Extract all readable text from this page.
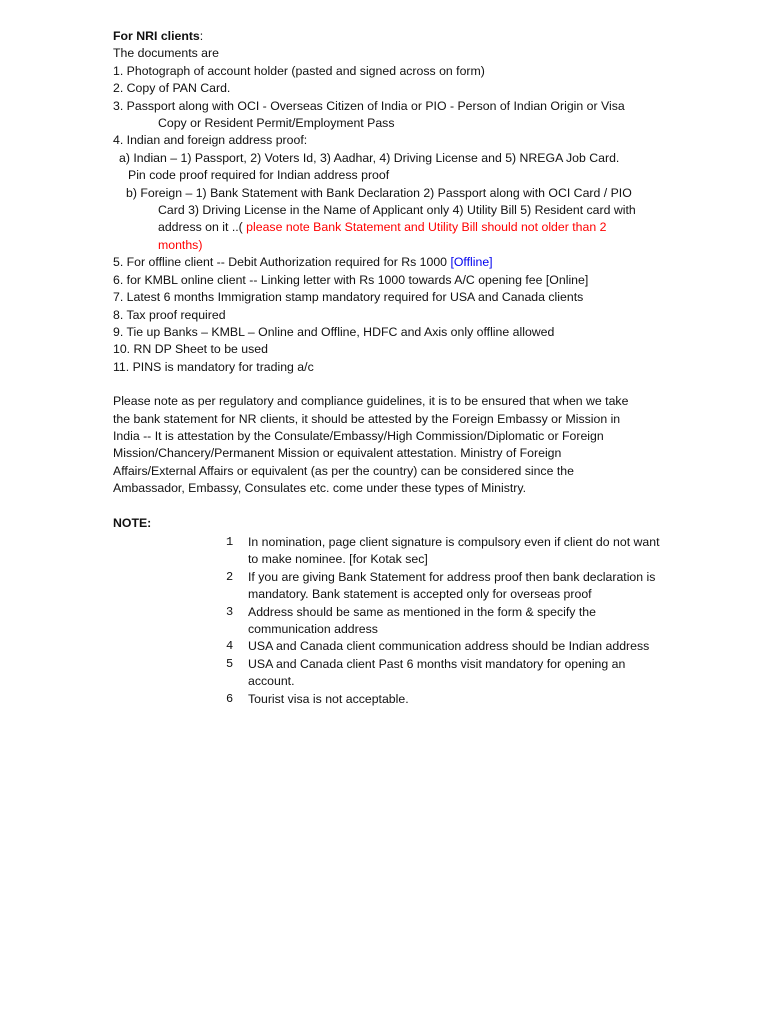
For NRI clients:
The documents are
1. Photograph of account holder (pasted and signed across on form)
2. Copy of PAN Card.
3. Passport along with OCI - Overseas Citizen of India or PIO - Person of Indian Origin or Visa
Copy or Resident Permit/Employment Pass
4. Indian and foreign address proof:
a) Indian – 1) Passport, 2) Voters Id, 3) Aadhar, 4) Driving License and 5) NREGA Job Card.
Pin code proof required for Indian address proof
b) Foreign – 1) Bank Statement with Bank Declaration 2) Passport along with OCI Card / PIO
Card 3) Driving License in the Name of Applicant only 4) Utility Bill 5) Resident card with
address on it ..( please note Bank Statement and Utility Bill should not older than 2
months)
5. For offline client -- Debit Authorization required for Rs 1000 [Offline]
6. for KMBL online client -- Linking letter with Rs 1000 towards A/C opening fee [Online]
7. Latest 6 months Immigration stamp mandatory required for USA and Canada clients
8. Tax proof required
9. Tie up Banks – KMBL – Online and Offline, HDFC and Axis only offline allowed
10. RN DP Sheet to be used
11. PINS is mandatory for trading a/c
Please note as per regulatory and compliance guidelines, it is to be ensured that when we take
the bank statement for NR clients, it should be attested by the Foreign Embassy or Mission in
India -- It is attestation by the Consulate/Embassy/High Commission/Diplomatic or Foreign
Mission/Chancery/Permanent Mission or equivalent attestation. Ministry of Foreign
Affairs/External Affairs or equivalent (as per the country) can be considered since the
Ambassador, Embassy, Consulates etc. come under these types of Ministry.
NOTE:
1	In nomination, page client signature is compulsory even if client do not want to make nominee. [for Kotak sec]
2	If you are giving Bank Statement for address proof then bank declaration is mandatory. Bank statement is accepted only for overseas proof
3	Address should be same as mentioned in the form & specify the communication address
4	USA and Canada client communication address should be Indian address
5	USA and Canada client Past 6 months visit mandatory for opening an account.
6	Tourist visa is not acceptable.
